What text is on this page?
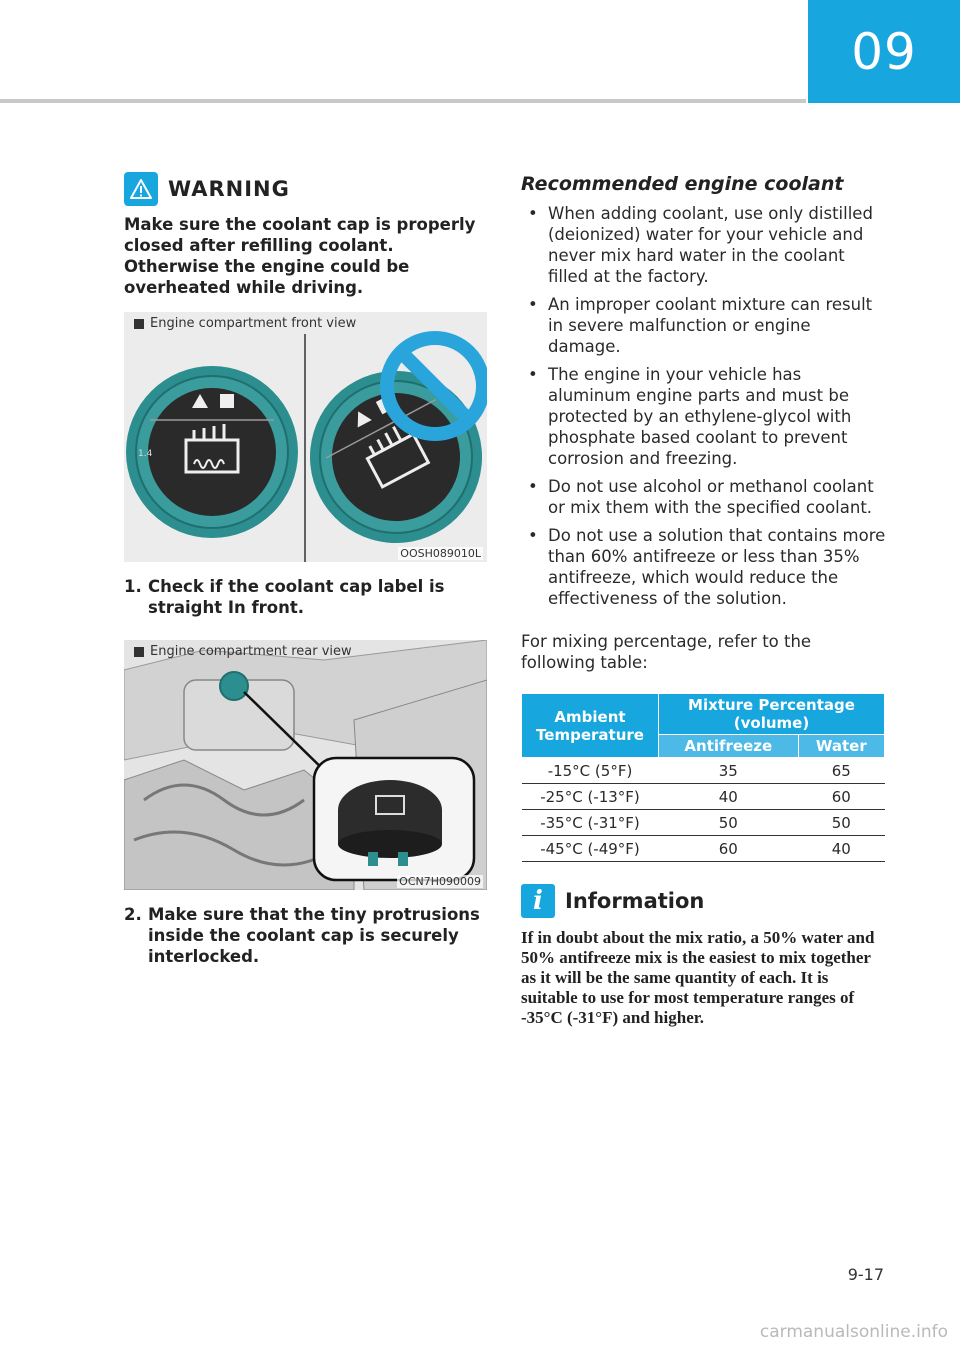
09
WARNING
Make sure the coolant cap is properly closed after refilling coolant. Otherwise the engine could be overheated while driving.
1.4
Engine compartment front view
OOSH089010L
1. Check if the coolant cap label is straight In front.
Engine compartment rear view
OCN7H090009
2. Make sure that the tiny protrusions inside the coolant cap is securely interlocked.
Recommended engine coolant
• When adding coolant, use only distilled (deionized) water for your vehicle and never mix hard water in the coolant filled at the factory.
• An improper coolant mixture can result in severe malfunction or engine damage.
• The engine in your vehicle has aluminum engine parts and must be protected by an ethylene-glycol with phosphate based coolant to prevent corrosion and freezing.
• Do not use alcohol or methanol coolant or mix them with the specified coolant.
• Do not use a solution that contains more than 60% antifreeze or less than 35% antifreeze, which would reduce the effectiveness of the solution.
For mixing percentage, refer to the following table:
Ambient Temperature	Mixture Percentage (volume)	
	Antifreeze	Water
-15°C (5°F)	35	65
-25°C (-13°F)	40	60
-35°C (-31°F)	50	50
-45°C (-49°F)	60	40
i	Information
If in doubt about the mix ratio, a 50% water and 50% antifreeze mix is the easiest to mix together as it will be the same quantity of each. It is suitable to use for most temperature ranges of -35°C (-31°F) and higher.
9-17
carmanualsonline.info
